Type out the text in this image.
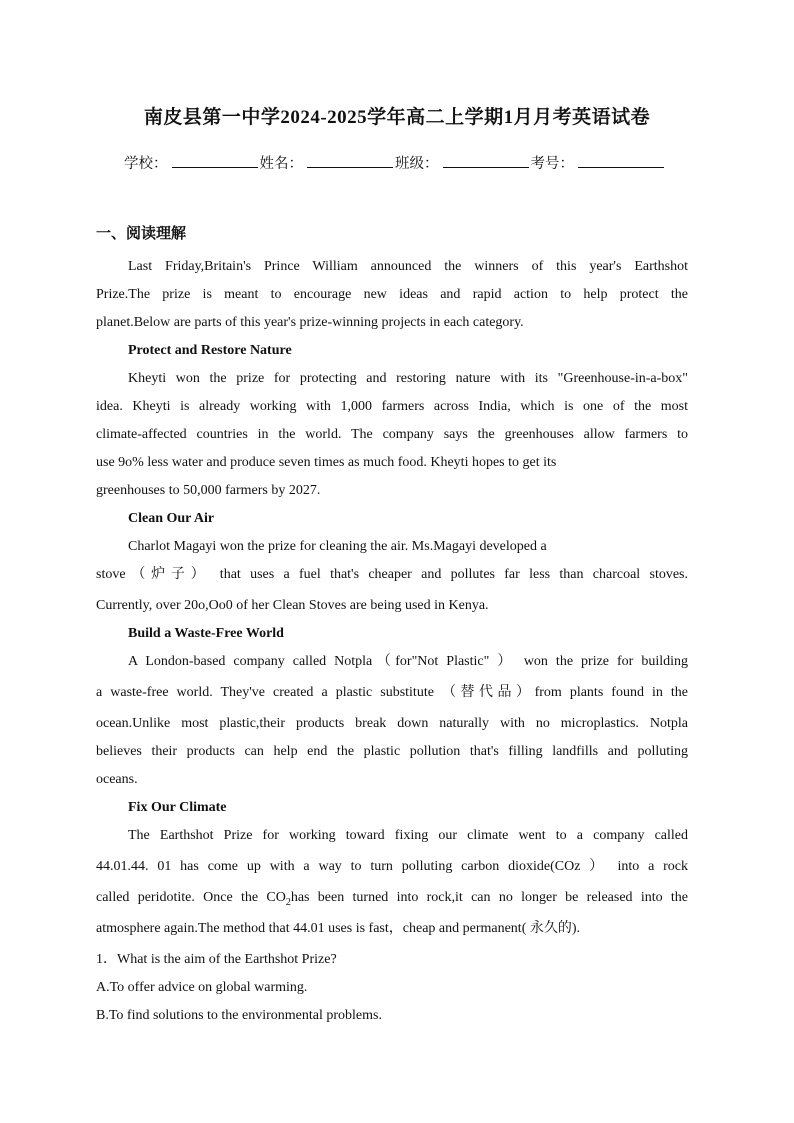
南皮县第一中学2024-2025学年高二上学期1月月考英语试卷
学校：	姓名：	班级：	考号：
一、阅读理解
Last Friday,Britain's Prince William announced the winners of this year's Earthshot
Prize.The prize is meant to encourage new ideas and rapid action to help protect the
planet.Below are parts of this year's prize-winning projects in each category.
Protect and Restore Nature
Kheyti won the prize for protecting and restoring nature with its "Greenhouse-in-a-box"
idea. Kheyti is already working with 1,000 farmers across India, which is one of the most
climate-affected countries in the world. The company says the greenhouses allow farmers to
use 9o% less water and produce seven times as much food. Kheyti hopes to get its
greenhouses to 50,000 farmers by 2027.
Clean Our Air
Charlot Magayi won the prize for cleaning the air. Ms.Magayi developed a
stove（炉子） that uses a fuel that's cheaper and pollutes far less than charcoal stoves.
Currently, over 20o,Oo0 of her Clean Stoves are being used in Kenya.
Build a Waste-Free World
A London-based company called Notpla（for"Not Plastic" ） won the prize for building
a waste-free world. They've created a plastic substitute （替代品）from plants found in the
ocean.Unlike most plastic,their products break down naturally with no microplastics. Notpla
believes their products can help end the plastic pollution that's filling landfills and polluting
oceans.
Fix Our Climate
The Earthshot Prize for working toward fixing our climate went to a company called
44.01.44. 01 has come up with a way to turn polluting carbon dioxide(COz ） into a rock
called peridotite. Once the $CO_2has$ been turned into rock,it can no longer be released into the
atmosphere again.The method that 44.01 uses is fast，cheap and permanent( 永久的).
1．What is the aim of the Earthshot Prize?
A.To offer advice on global warming.
B.To find solutions to the environmental problems.
